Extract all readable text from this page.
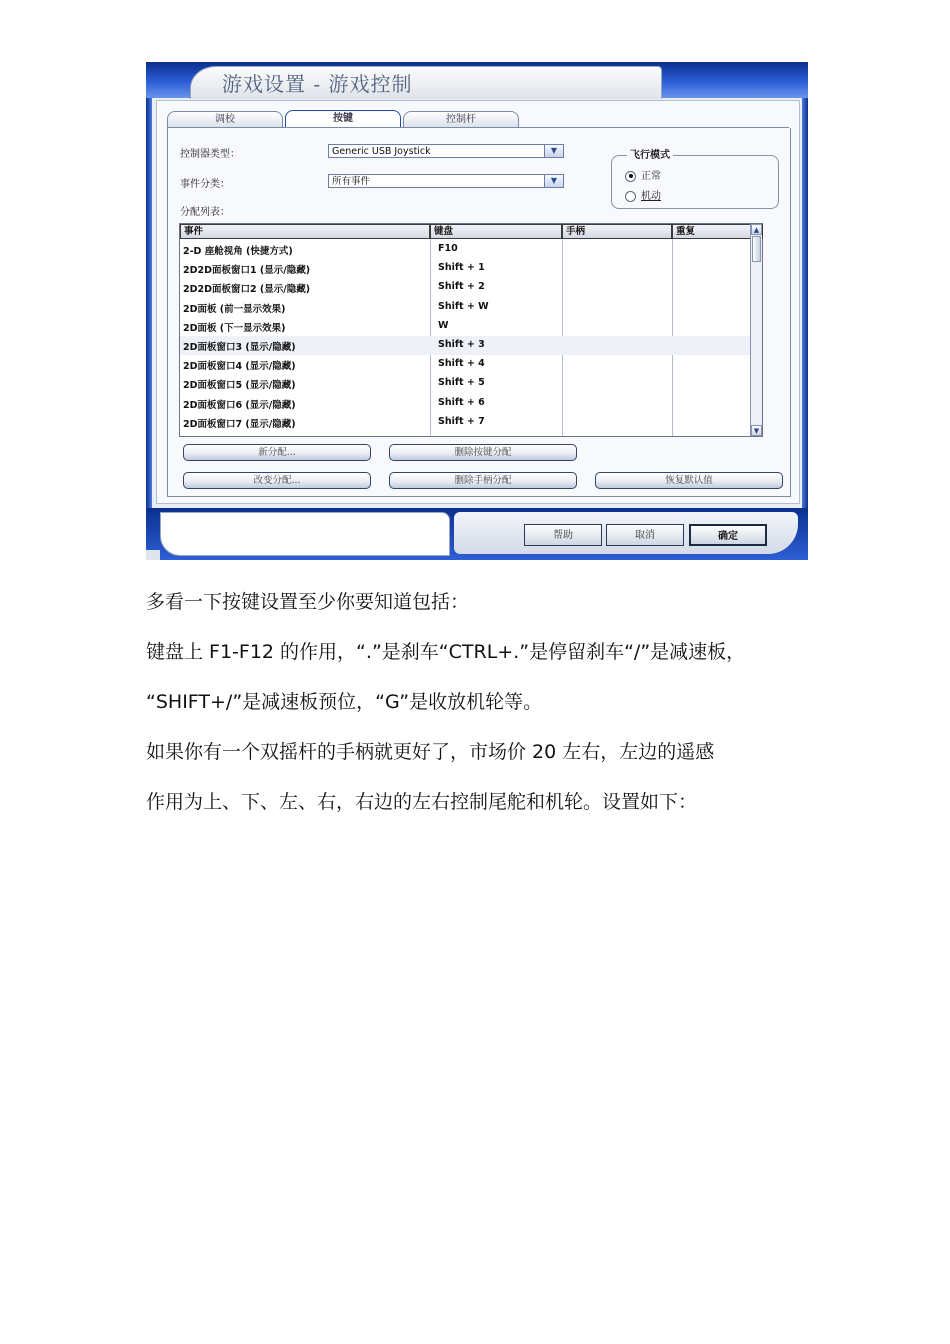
游戏设置 - 游戏控制
调校	按键	控制杆
控制器类型：	Generic USB Joystick	▼
事件分类：	所有事件	▼
分配列表：
飞行模式
正常
机动
事件	键盘	手柄	重复
2-D 座舱视角 (快捷方式)	F10
2D2D面板窗口1 (显示/隐藏)	Shift + 1
2D2D面板窗口2 (显示/隐藏)	Shift + 2
2D面板 (前一显示效果)	Shift + W
2D面板 (下一显示效果)	W
2D面板窗口3 (显示/隐藏)	Shift + 3
2D面板窗口4 (显示/隐藏)	Shift + 4
2D面板窗口5 (显示/隐藏)	Shift + 5
2D面板窗口6 (显示/隐藏)	Shift + 6
2D面板窗口7 (显示/隐藏)	Shift + 7
▲
▼
新分配...	删除按键分配
改变分配...	删除手柄分配	恢复默认值
帮助	取消	确定
多看一下按键设置至少你要知道包括：
键盘上 F1-F12 的作用，“.”是刹车“CTRL+.”是停留刹车“/”是减速板，
“SHIFT+/”是减速板预位，“G”是收放机轮等。
如果你有一个双摇杆的手柄就更好了，市场价 20 左右，左边的遥感
作用为上、下、左、右，右边的左右控制尾舵和机轮。设置如下：
